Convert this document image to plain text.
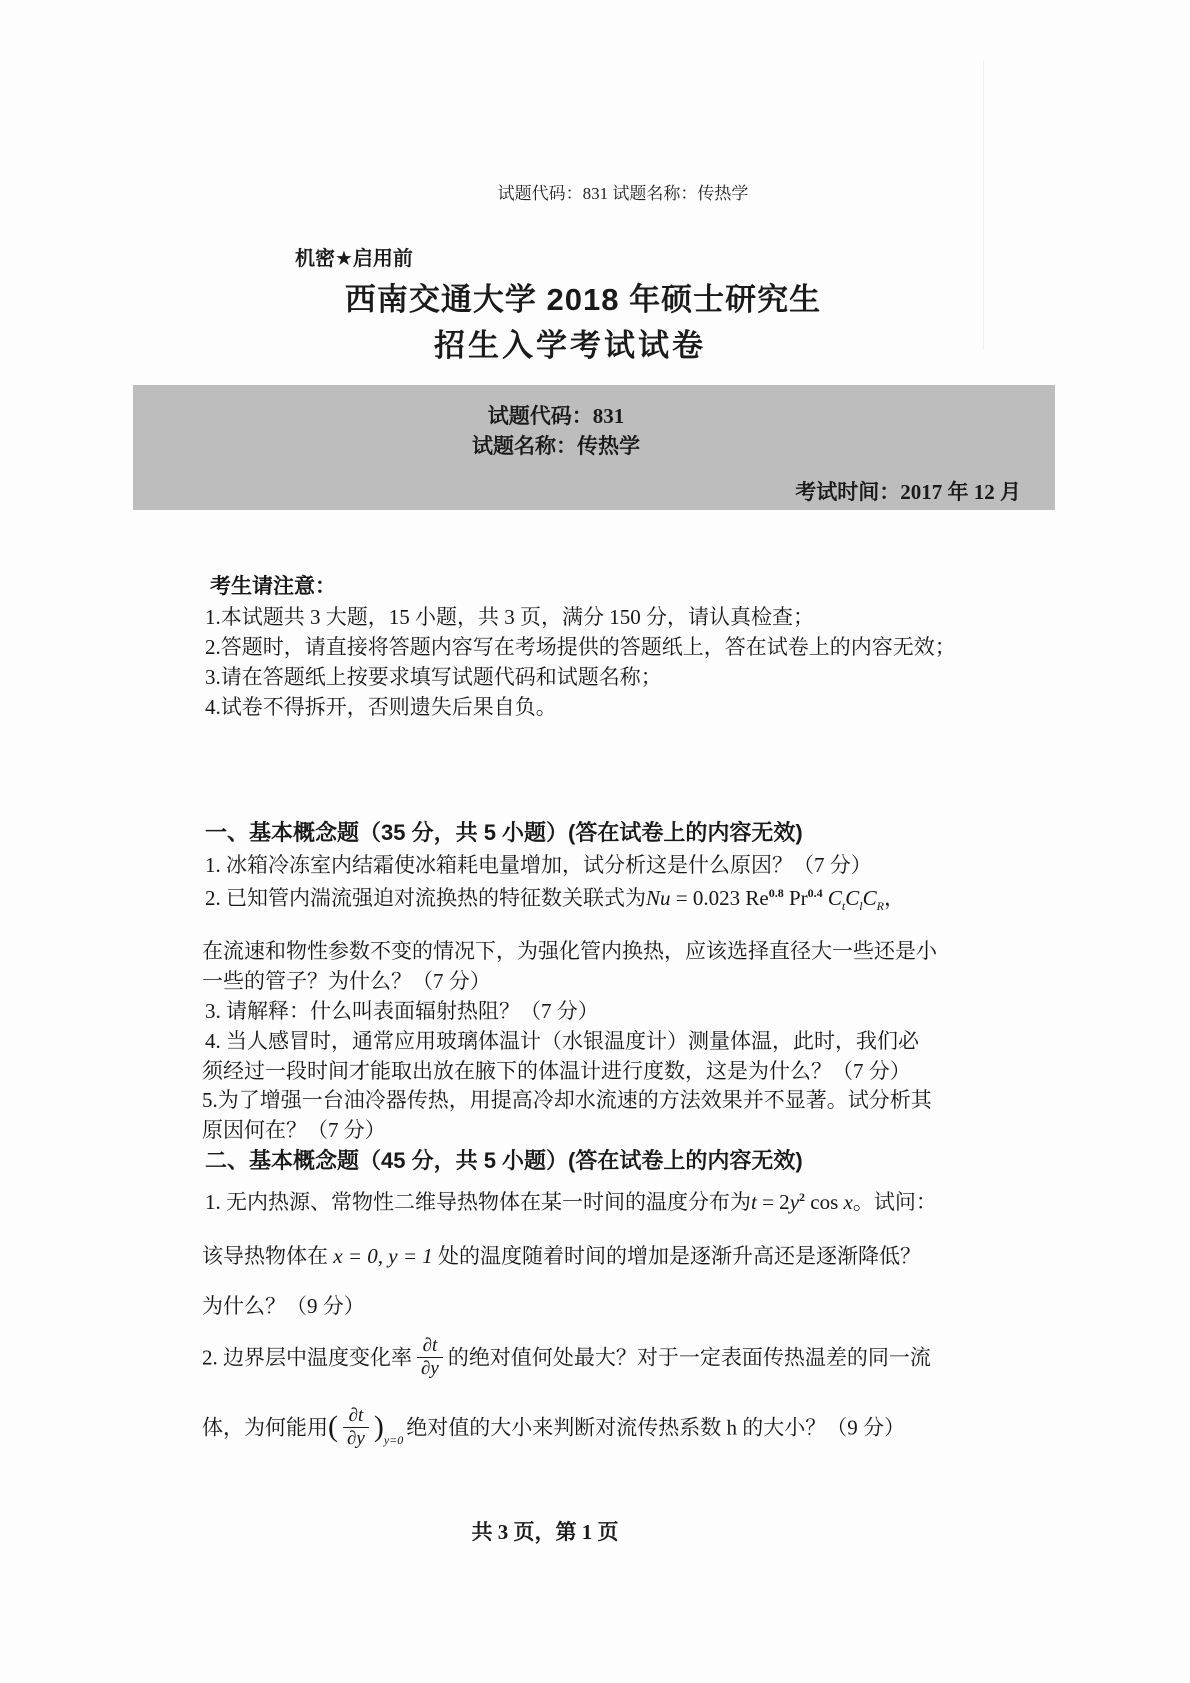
试题代码：831 试题名称：传热学
机密★启用前
西南交通大学 2018 年硕士研究生
招生入学考试试卷
试题代码：831
试题名称：传热学
考试时间：2017 年 12 月
考生请注意：
1.本试题共 3 大题，15 小题，共 3 页，满分 150 分，请认真检查；
2.答题时，请直接将答题内容写在考场提供的答题纸上，答在试卷上的内容无效；
3.请在答题纸上按要求填写试题代码和试题名称；
4.试卷不得拆开，否则遗失后果自负。
一、基本概念题（35 分，共 5 小题）(答在试卷上的内容无效)
1. 冰箱冷冻室内结霜使冰箱耗电量增加，试分析这是什么原因？（7 分）
2. 已知管内湍流强迫对流换热的特征数关联式为Nu = 0.023 $Re^{0.8}$ $Pr^{0.4}$ $C_tC_lC_R$，
在流速和物性参数不变的情况下，为强化管内换热，应该选择直径大一些还是小
一些的管子？为什么？（7 分）
3. 请解释：什么叫表面辐射热阻？（7 分）
4. 当人感冒时，通常应用玻璃体温计（水银温度计）测量体温，此时，我们必
须经过一段时间才能取出放在腋下的体温计进行度数，这是为什么？（7 分）
5.为了增强一台油冷器传热，用提高冷却水流速的方法效果并不显著。试分析其
原因何在？（7 分）
二、基本概念题（45 分，共 5 小题）(答在试卷上的内容无效)
1. 无内热源、常物性二维导热物体在某一时间的温度分布为$t = 2y^2$ cos x。试问：
该导热物体在 x = 0, y = 1 处的温度随着时间的增加是逐渐升高还是逐渐降低？
为什么？（9 分）
2. 边界层中温度变化率 $\frac{\partial t}{\partial y}$ 的绝对值何处最大？对于一定表面传热温差的同一流
体，为何能用( $\frac{\partial t}{\partial y} )_{y=0}$绝对值的大小来判断对流传热系数 h 的大小？（9 分）
共 3 页，第 1 页
